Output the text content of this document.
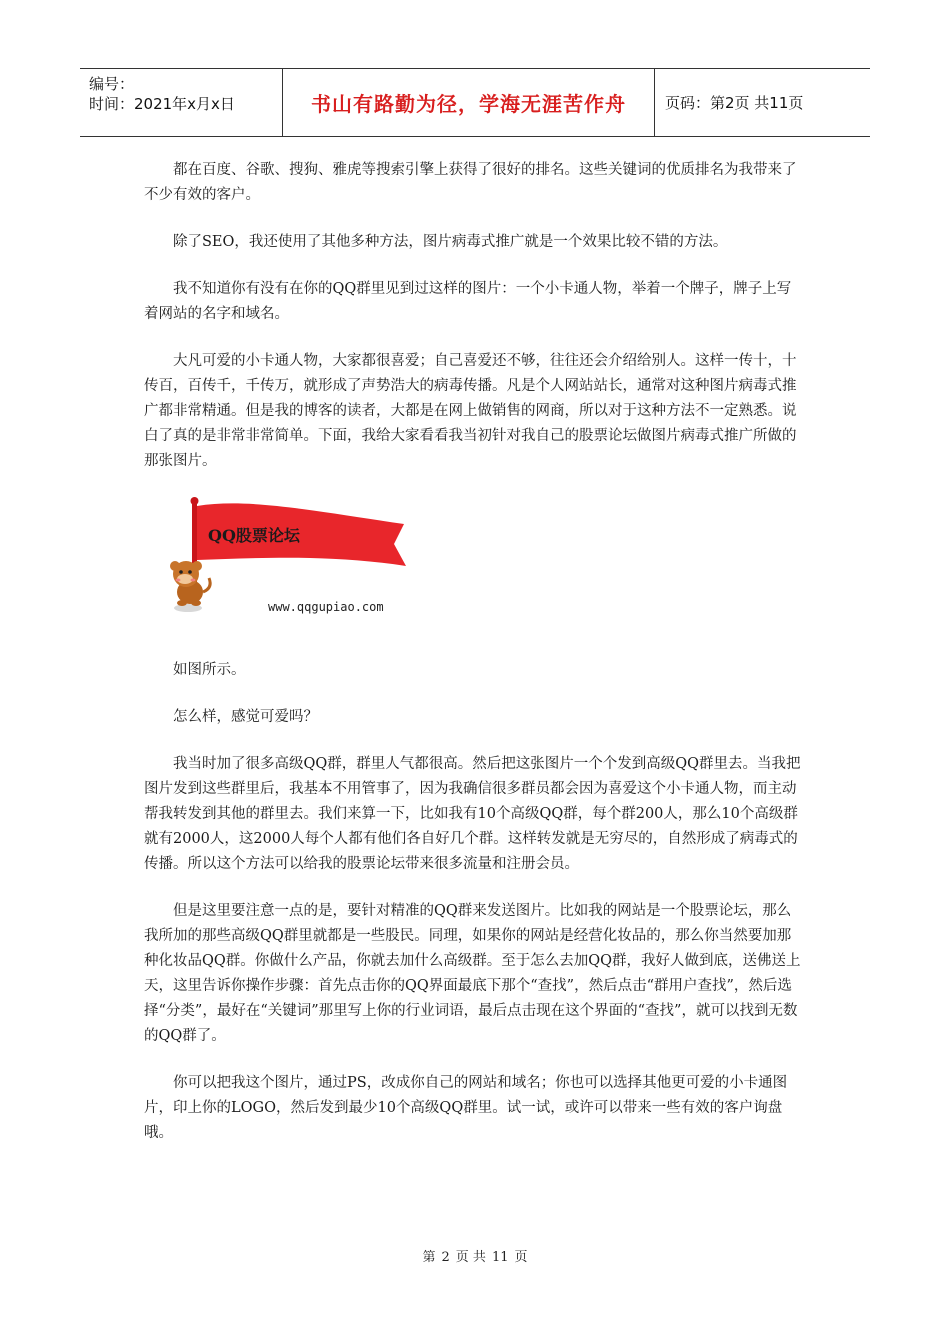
编号：
时间：2021年x月x日	书山有路勤为径，学海无涯苦作舟	页码：第2页 共11页

都在百度、谷歌、搜狗、雅虎等搜索引擎上获得了很好的排名。这些关键词的优质排名为我带来了不少有效的客户。

除了SEO，我还使用了其他多种方法，图片病毒式推广就是一个效果比较不错的方法。

我不知道你有没有在你的QQ群里见到过这样的图片：一个小卡通人物，举着一个牌子，牌子上写着网站的名字和域名。

大凡可爱的小卡通人物，大家都很喜爱；自己喜爱还不够，往往还会介绍给别人。这样一传十，十传百，百传千，千传万，就形成了声势浩大的病毒传播。凡是个人网站站长，通常对这种图片病毒式推广都非常精通。但是我的博客的读者，大都是在网上做销售的网商，所以对于这种方法不一定熟悉。说白了真的是非常非常简单。下面，我给大家看看我当初针对我自己的股票论坛做图片病毒式推广所做的那张图片。

QQ股票论坛
www.qqgupiao.com

如图所示。

怎么样，感觉可爱吗？

我当时加了很多高级QQ群，群里人气都很高。然后把这张图片一个个发到高级QQ群里去。当我把图片发到这些群里后，我基本不用管事了，因为我确信很多群员都会因为喜爱这个小卡通人物，而主动帮我转发到其他的群里去。我们来算一下，比如我有10个高级QQ群，每个群200人，那么10个高级群就有2000人，这2000人每个人都有他们各自好几个群。这样转发就是无穷尽的，自然形成了病毒式的传播。所以这个方法可以给我的股票论坛带来很多流量和注册会员。

但是这里要注意一点的是，要针对精准的QQ群来发送图片。比如我的网站是一个股票论坛，那么我所加的那些高级QQ群里就都是一些股民。同理，如果你的网站是经营化妆品的，那么你当然要加那种化妆品QQ群。你做什么产品，你就去加什么高级群。至于怎么去加QQ群，我好人做到底，送佛送上天，这里告诉你操作步骤：首先点击你的QQ界面最底下那个“查找”，然后点击“群用户查找”，然后选择“分类”，最好在“关键词”那里写上你的行业词语，最后点击现在这个界面的“查找”，就可以找到无数的QQ群了。

你可以把我这个图片，通过PS，改成你自己的网站和域名；你也可以选择其他更可爱的小卡通图片，印上你的LOGO，然后发到最少10个高级QQ群里。试一试，或许可以带来一些有效的客户询盘哦。

第 2 页 共 11 页
